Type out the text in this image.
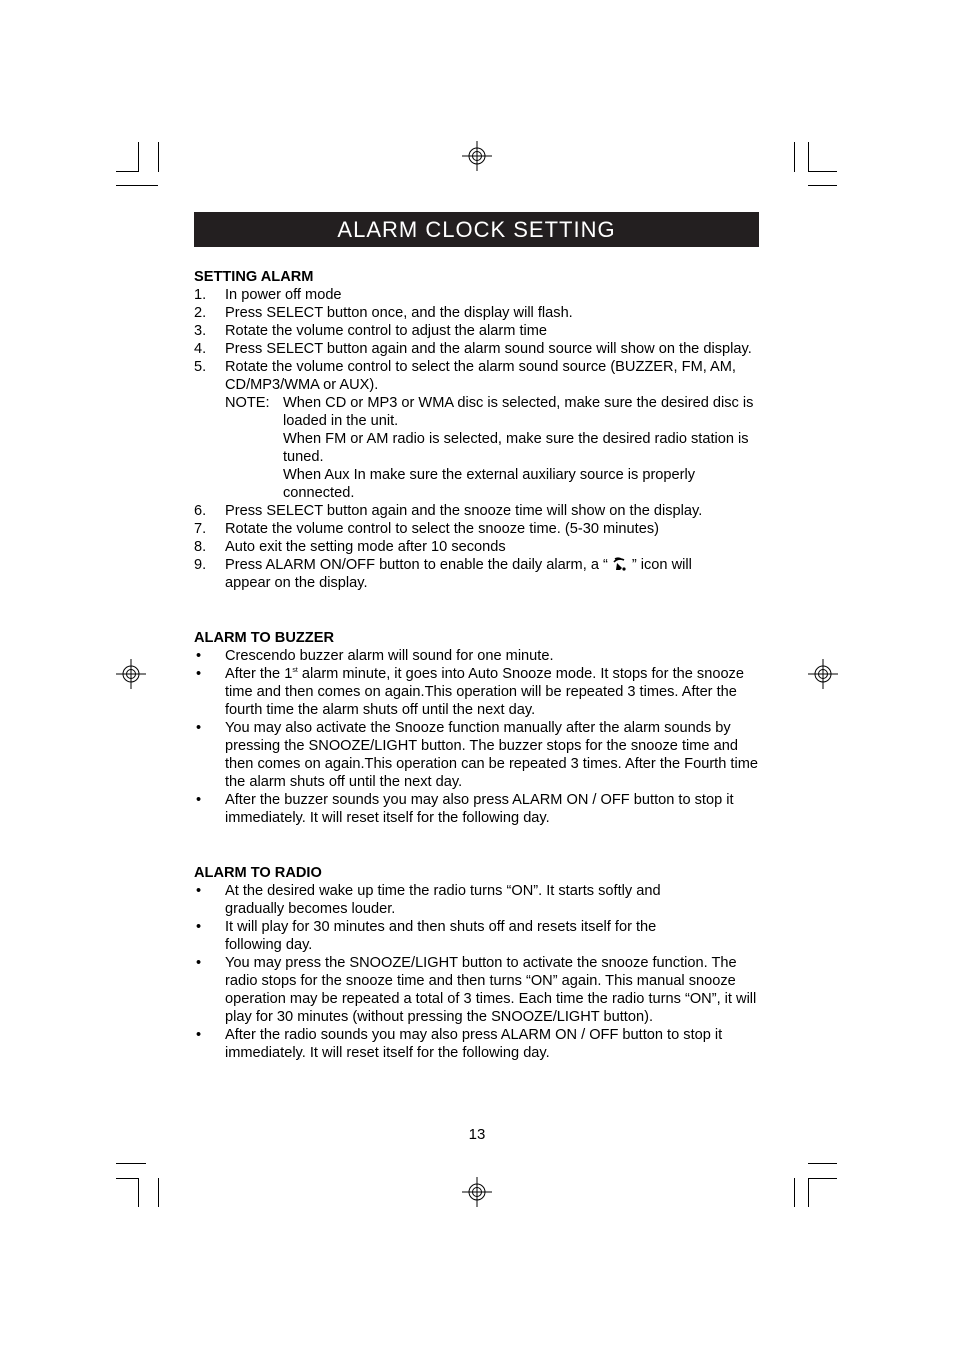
ALARM CLOCK SETTING

SETTING ALARM

1. In power off mode
2. Press SELECT button once, and the display will flash.
3. Rotate the volume control to adjust the alarm time
4. Press SELECT button again and the alarm sound source will show on the display.
5. Rotate the volume control to select the alarm sound source (BUZZER, FM, AM, CD/MP3/WMA or AUX).
NOTE: When CD or MP3 or WMA disc is selected, make sure the desired disc is loaded in the unit.

When FM or AM radio is selected, make sure the desired radio station is tuned.

When Aux In make sure the external auxiliary source is properly connected.

6. Press SELECT button again and the snooze time will show on the display.
7. Rotate the volume control to select the snooze time. (5-30 minutes)
8. Auto exit the setting mode after 10 seconds
9. Press ALARM ON/OFF button to enable the daily alarm, a “ ” icon will appear on the display.

ALARM TO BUZZER

• Crescendo buzzer alarm will sound for one minute.
• After the 1st alarm minute, it goes into Auto Snooze mode. It stops for the snooze time and then comes on again.This operation will be repeated 3 times. After the fourth time the alarm shuts off until the next day.
• You may also activate the Snooze function manually after the alarm sounds by pressing the SNOOZE/LIGHT button. The buzzer stops for the snooze time and then comes on again.This operation can be repeated 3 times. After the Fourth time the alarm shuts off until the next day.
• After the buzzer sounds you may also press ALARM ON / OFF button to stop it immediately. It will reset itself for the following day.

ALARM TO RADIO

• At the desired wake up time the radio turns “ON”. It starts softly and gradually becomes louder.
• It will play for 30 minutes and then shuts off and resets itself for the following day.
• You may press the SNOOZE/LIGHT button to activate the snooze function. The radio stops for the snooze time and then turns “ON” again. This manual snooze operation may be repeated a total of 3 times. Each time the radio turns “ON”, it will play for 30 minutes (without pressing the SNOOZE/LIGHT button).
• After the radio sounds you may also press ALARM ON / OFF button to stop it immediately. It will reset itself for the following day.
13
